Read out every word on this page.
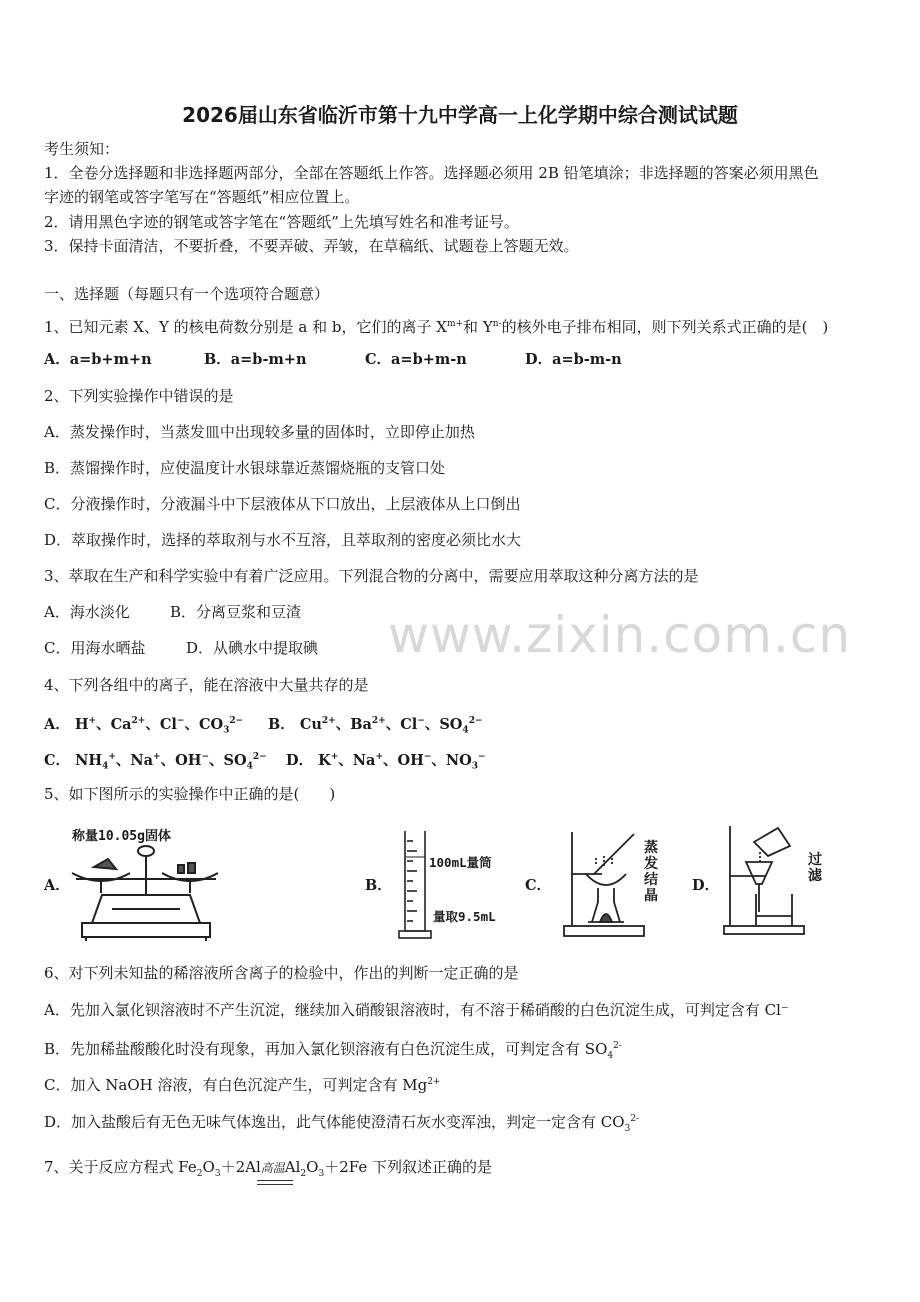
www.zixin.com.cn
2026届山东省临沂市第十九中学高一上化学期中综合测试试题
考生须知：
1．全卷分选择题和非选择题两部分，全部在答题纸上作答。选择题必须用 2B 铅笔填涂；非选择题的答案必须用黑色
字迹的钢笔或答字笔写在“答题纸”相应位置上。
2．请用黑色字迹的钢笔或答字笔在“答题纸”上先填写姓名和准考证号。
3．保持卡面清洁，不要折叠，不要弄破、弄皱，在草稿纸、试题卷上答题无效。
一、选择题（每题只有一个选项符合题意）
1、已知元素 X、Y 的核电荷数分别是 a 和 b，它们的离子 $X^{m+}$和 $Y^{n-}$的核外电子排布相同，则下列关系式正确的是(　)
A．a=b+m+n	B．a=b-m+n	C．a=b+m-n	D．a=b-m-n
2、下列实验操作中错误的是
A．蒸发操作时，当蒸发皿中出现较多量的固体时，立即停止加热
B．蒸馏操作时，应使温度计水银球靠近蒸馏烧瓶的支管口处
C．分液操作时，分液漏斗中下层液体从下口放出，上层液体从上口倒出
D．萃取操作时，选择的萃取剂与水不互溶，且萃取剂的密度必须比水大
3、萃取在生产和科学实验中有着广泛应用。下列混合物的分离中，需要应用萃取这种分离方法的是
A．海水淡化	B．分离豆浆和豆渣
C．用海水晒盐	D．从碘水中提取碘
4、下列各组中的离子，能在溶液中大量共存的是
A． H+、$Ca^{2+}$、Cl−、$CO_3^{2-}$ B． $Cu^{2+}$、$Ba^{2+}$、Cl−、$SO_4^{2-}$
C． $NH_4^+$、Na+、OH−、$SO_4^{2-}$ D． K+、Na+、OH−、$NO_3^-$
5、如下图所示的实验操作中正确的是(　　)
A．	B．	C．	D．
称量10.05g固体
100mL量筒
量取9.5mL
蒸发结晶
过滤
6、对下列未知盐的稀溶液所含离子的检验中，作出的判断一定正确的是
A．先加入氯化钡溶液时不产生沉淀，继续加入硝酸银溶液时，有不溶于稀硝酸的白色沉淀生成，可判定含有 Cl⁻
B．先加稀盐酸酸化时没有现象，再加入氯化钡溶液有白色沉淀生成，可判定含有 $SO_4^{2-}$
C．加入 NaOH 溶液，有白色沉淀产生，可判定含有 $Mg^{2+}$
D．加入盐酸后有无色无味气体逸出，此气体能使澄清石灰水变浑浊，判定一定含有 $CO_3^{2-}$
7、关于反应方程式 $Fe_2O_3+2Al$高温
$Al_2O_3+2Fe$ 下列叙述正确的是
